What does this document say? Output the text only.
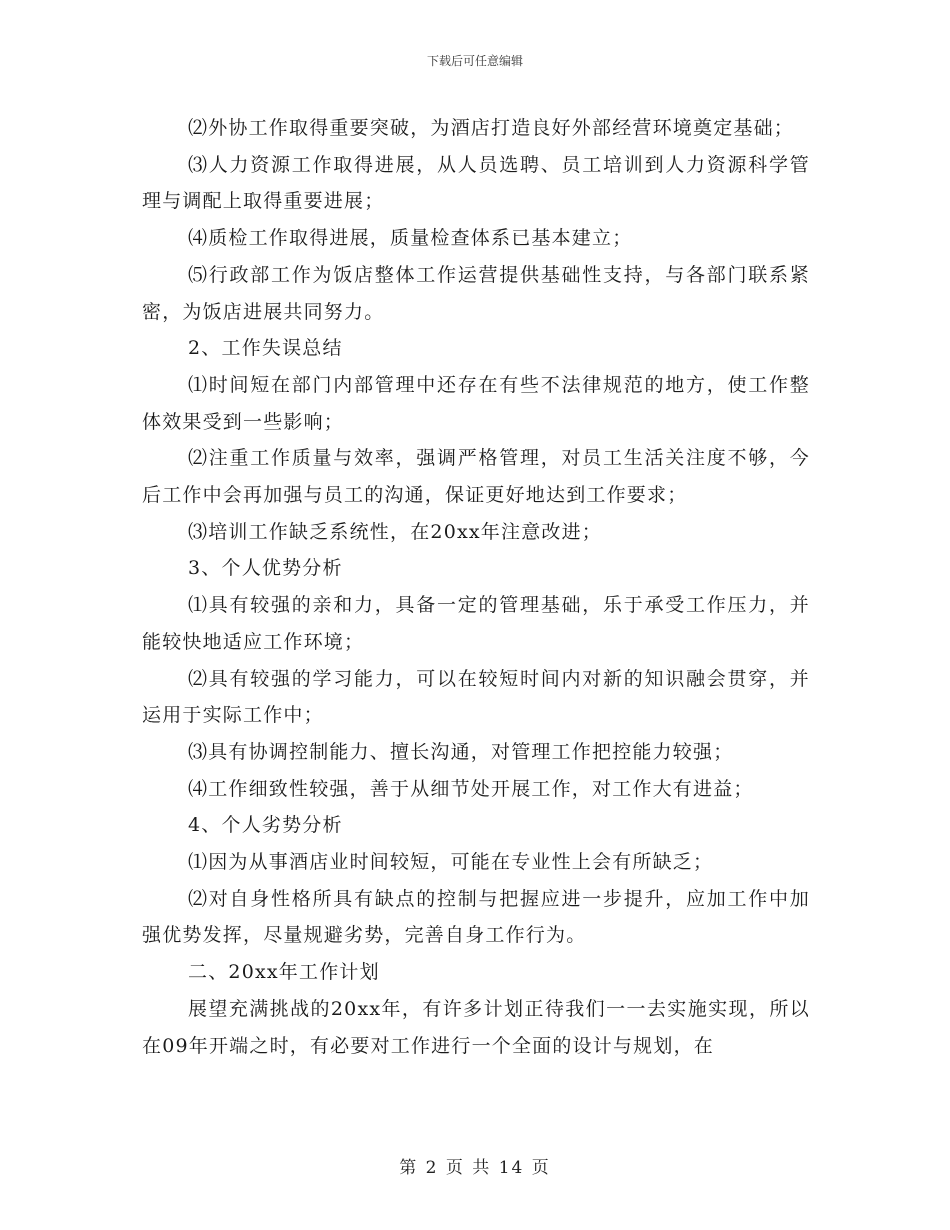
下载后可任意编辑

⑵外协工作取得重要突破，为酒店打造良好外部经营环境奠定基础；

⑶人力资源工作取得进展，从人员选聘、员工培训到人力资源科学管理与调配上取得重要进展；

⑷质检工作取得进展，质量检查体系已基本建立；

⑸行政部工作为饭店整体工作运营提供基础性支持，与各部门联系紧密，为饭店进展共同努力。

2、工作失误总结

⑴时间短在部门内部管理中还存在有些不法律规范的地方，使工作整体效果受到一些影响；

⑵注重工作质量与效率，强调严格管理，对员工生活关注度不够，今后工作中会再加强与员工的沟通，保证更好地达到工作要求；

⑶培训工作缺乏系统性，在20xx年注意改进；

3、个人优势分析

⑴具有较强的亲和力，具备一定的管理基础，乐于承受工作压力，并能较快地适应工作环境；

⑵具有较强的学习能力，可以在较短时间内对新的知识融会贯穿，并运用于实际工作中；

⑶具有协调控制能力、擅长沟通，对管理工作把控能力较强；

⑷工作细致性较强，善于从细节处开展工作，对工作大有进益；

4、个人劣势分析

⑴因为从事酒店业时间较短，可能在专业性上会有所缺乏；

⑵对自身性格所具有缺点的控制与把握应进一步提升，应加工作中加强优势发挥，尽量规避劣势，完善自身工作行为。

二、20xx年工作计划

展望充满挑战的20xx年，有许多计划正待我们一一去实施实现，所以在09年开端之时，有必要对工作进行一个全面的设计与规划，在

第 2 页 共 14 页
